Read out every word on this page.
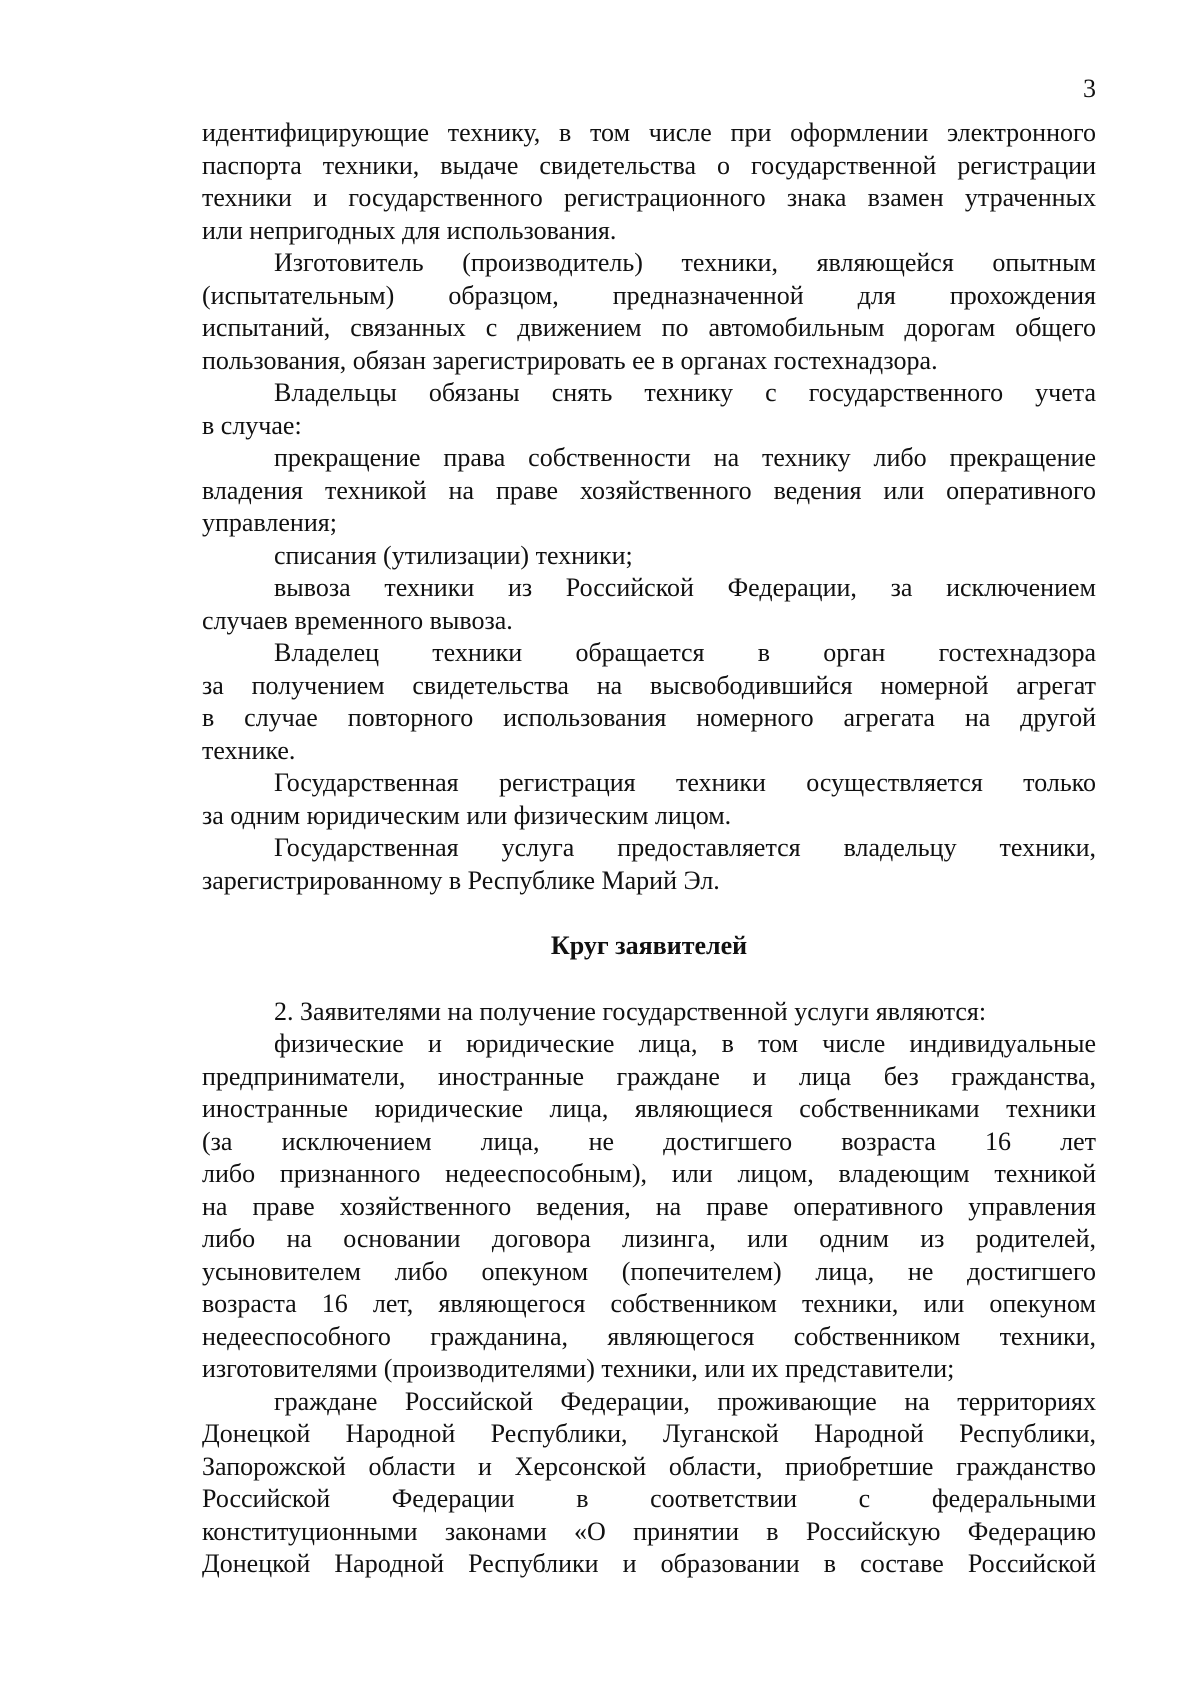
3
идентифицирующие технику, в том числе при оформлении электронного
паспорта техники, выдаче свидетельства о государственной регистрации
техники и государственного регистрационного знака взамен утраченных
или непригодных для использования.
Изготовитель (производитель) техники, являющейся опытным
(испытательным) образцом, предназначенной для прохождения
испытаний, связанных с движением по автомобильным дорогам общего
пользования, обязан зарегистрировать ее в органах гостехнадзора.
Владельцы обязаны снять технику с государственного учета
в случае:
прекращение права собственности на технику либо прекращение
владения техникой на праве хозяйственного ведения или оперативного
управления;
списания (утилизации) техники;
вывоза техники из Российской Федерации, за исключением
случаев временного вывоза.
Владелец техники обращается в орган гостехнадзора
за получением свидетельства на высвободившийся номерной агрегат
в случае повторного использования номерного агрегата на другой
технике.
Государственная регистрация техники осуществляется только
за одним юридическим или физическим лицом.
Государственная услуга предоставляется владельцу техники,
зарегистрированному в Республике Марий Эл.
Круг заявителей
2. Заявителями на получение государственной услуги являются:
физические и юридические лица, в том числе индивидуальные
предприниматели, иностранные граждане и лица без гражданства,
иностранные юридические лица, являющиеся собственниками техники
(за исключением лица, не достигшего возраста 16 лет
либо признанного недееспособным), или лицом, владеющим техникой
на праве хозяйственного ведения, на праве оперативного управления
либо на основании договора лизинга, или одним из родителей,
усыновителем либо опекуном (попечителем) лица, не достигшего
возраста 16 лет, являющегося собственником техники, или опекуном
недееспособного гражданина, являющегося собственником техники,
изготовителями (производителями) техники, или их представители;
граждане Российской Федерации, проживающие на территориях
Донецкой Народной Республики, Луганской Народной Республики,
Запорожской области и Херсонской области, приобретшие гражданство
Российской Федерации в соответствии с федеральными
конституционными законами «О принятии в Российскую Федерацию
Донецкой Народной Республики и образовании в составе Российской
